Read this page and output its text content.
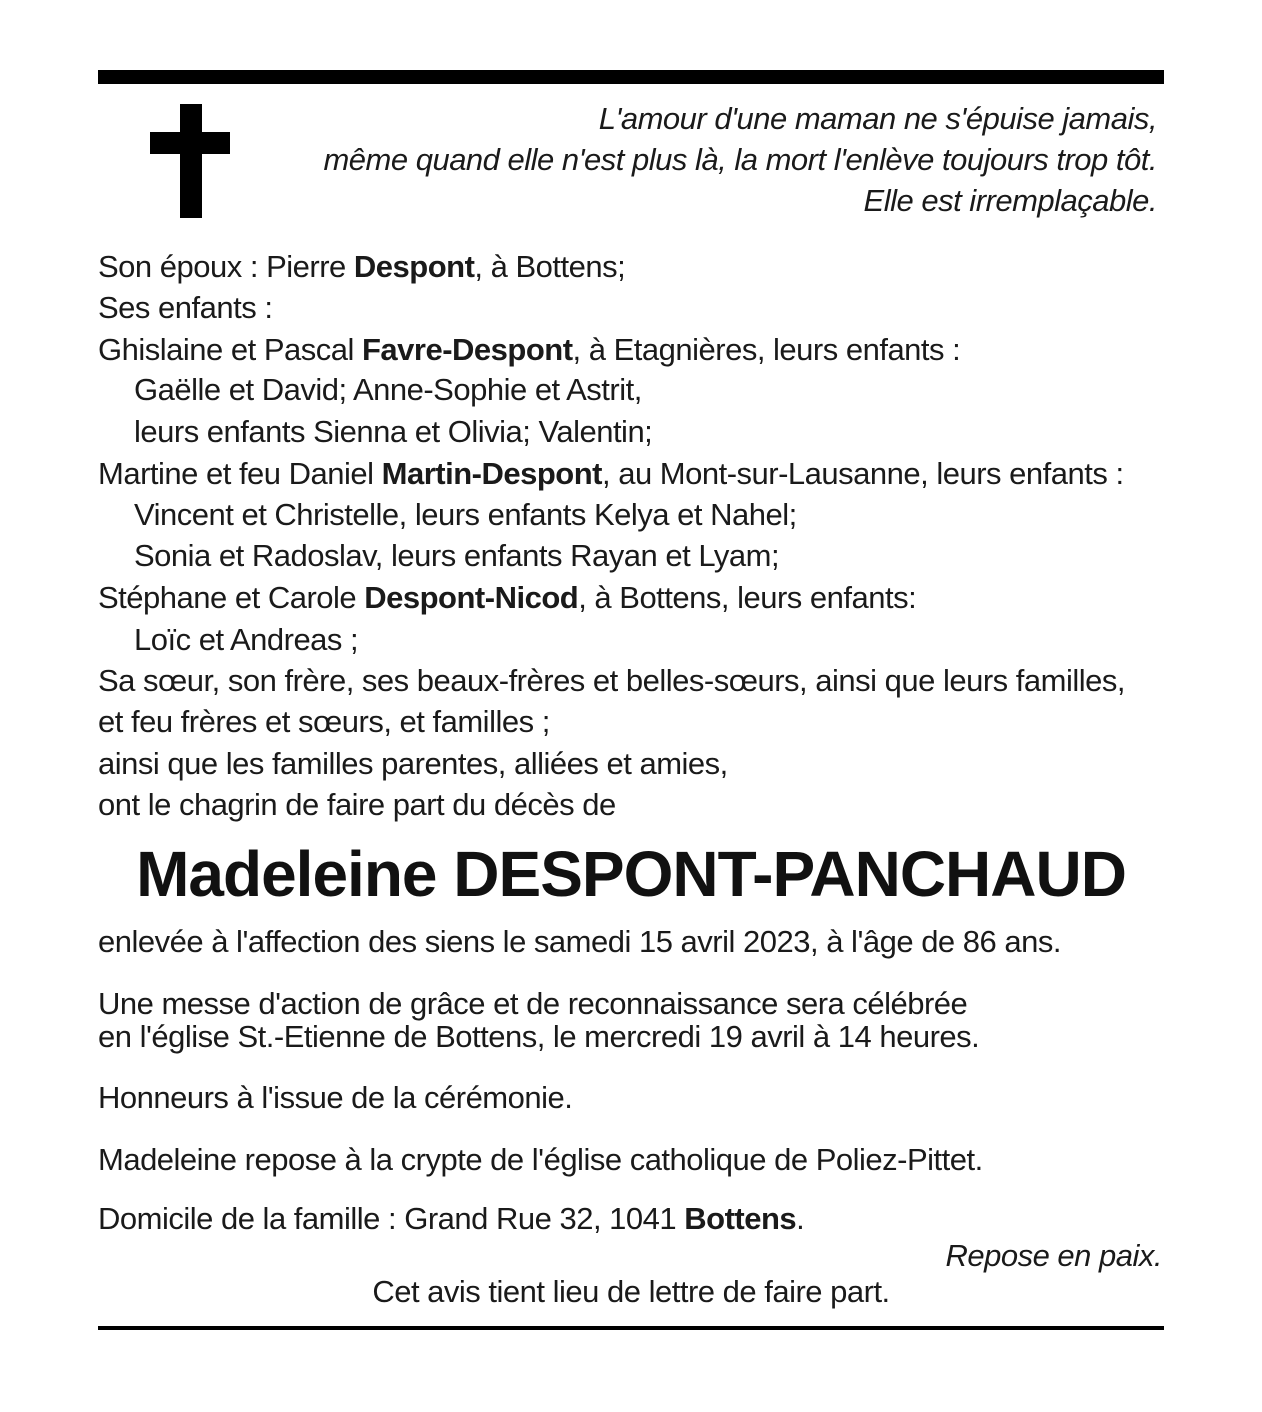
L'amour d'une maman ne s'épuise jamais,
même quand elle n'est plus là, la mort l'enlève toujours trop tôt.
Elle est irremplaçable.
Son époux : Pierre Despont, à Bottens;
Ses enfants :
Ghislaine et Pascal Favre-Despont, à Etagnières, leurs enfants :
Gaëlle et David; Anne-Sophie et Astrit,
leurs enfants Sienna et Olivia; Valentin;
Martine et feu Daniel Martin-Despont, au Mont-sur-Lausanne, leurs enfants :
Vincent et Christelle, leurs enfants Kelya et Nahel;
Sonia et Radoslav, leurs enfants Rayan et Lyam;
Stéphane et Carole Despont-Nicod, à Bottens, leurs enfants:
Loïc et Andreas ;
Sa sœur, son frère, ses beaux-frères et belles-sœurs, ainsi que leurs familles,
et feu frères et sœurs, et familles ;
ainsi que les familles parentes, alliées et amies,
ont le chagrin de faire part du décès de
Madeleine DESPONT-PANCHAUD
enlevée à l'affection des siens le samedi 15 avril 2023, à l'âge de 86 ans.
Une messe d'action de grâce et de reconnaissance sera célébrée
en l'église St.-Etienne de Bottens, le mercredi 19 avril à 14 heures.
Honneurs à l'issue de la cérémonie.
Madeleine repose à la crypte de l'église catholique de Poliez-Pittet.
Domicile de la famille : Grand Rue 32, 1041 Bottens.
Repose en paix.
Cet avis tient lieu de lettre de faire part.
